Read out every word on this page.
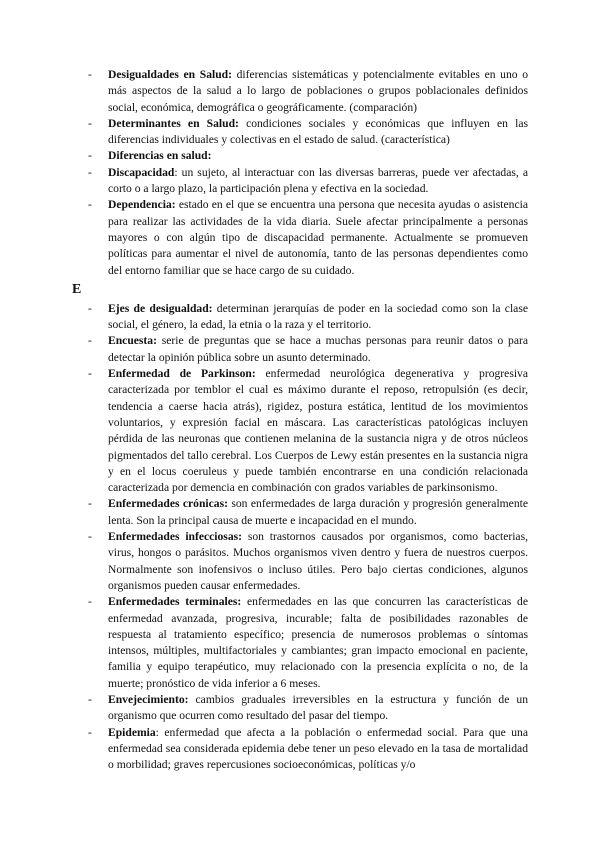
- Desigualdades en Salud: diferencias sistemáticas y potencialmente evitables en uno o más aspectos de la salud a lo largo de poblaciones o grupos poblacionales definidos social, económica, demográfica o geográficamente. (comparación)
- Determinantes en Salud: condiciones sociales y económicas que influyen en las diferencias individuales y colectivas en el estado de salud. (característica)
- Diferencias en salud:
- Discapacidad: un sujeto, al interactuar con las diversas barreras, puede ver afectadas, a corto o a largo plazo, la participación plena y efectiva en la sociedad.
- Dependencia: estado en el que se encuentra una persona que necesita ayudas o asistencia para realizar las actividades de la vida diaria. Suele afectar principalmente a personas mayores o con algún tipo de discapacidad permanente. Actualmente se promueven políticas para aumentar el nivel de autonomía, tanto de las personas dependientes como del entorno familiar que se hace cargo de su cuidado.
E
- Ejes de desigualdad: determinan jerarquías de poder en la sociedad como son la clase social, el género, la edad, la etnia o la raza y el territorio.
- Encuesta: serie de preguntas que se hace a muchas personas para reunir datos o para detectar la opinión pública sobre un asunto determinado.
- Enfermedad de Parkinson: enfermedad neurológica degenerativa y progresiva caracterizada por temblor el cual es máximo durante el reposo, retropulsión (es decir, tendencia a caerse hacia atrás), rigidez, postura estática, lentitud de los movimientos voluntarios, y expresión facial en máscara. Las características patológicas incluyen pérdida de las neuronas que contienen melanina de la sustancia nigra y de otros núcleos pigmentados del tallo cerebral. Los Cuerpos de Lewy están presentes en la sustancia nigra y en el locus coeruleus y puede también encontrarse en una condición relacionada caracterizada por demencia en combinación con grados variables de parkinsonismo.
- Enfermedades crónicas: son enfermedades de larga duración y progresión generalmente lenta. Son la principal causa de muerte e incapacidad en el mundo.
- Enfermedades infecciosas: son trastornos causados por organismos, como bacterias, virus, hongos o parásitos. Muchos organismos viven dentro y fuera de nuestros cuerpos. Normalmente son inofensivos o incluso útiles. Pero bajo ciertas condiciones, algunos organismos pueden causar enfermedades.
- Enfermedades terminales: enfermedades en las que concurren las características de enfermedad avanzada, progresiva, incurable; falta de posibilidades razonables de respuesta al tratamiento específico; presencia de numerosos problemas o síntomas intensos, múltiples, multifactoriales y cambiantes; gran impacto emocional en paciente, familia y equipo terapéutico, muy relacionado con la presencia explícita o no, de la muerte; pronóstico de vida inferior a 6 meses.
- Envejecimiento: cambios graduales irreversibles en la estructura y función de un organismo que ocurren como resultado del pasar del tiempo.
- Epidemia: enfermedad que afecta a la población o enfermedad social. Para que una enfermedad sea considerada epidemia debe tener un peso elevado en la tasa de mortalidad o morbilidad; graves repercusiones socioeconómicas, políticas y/o
